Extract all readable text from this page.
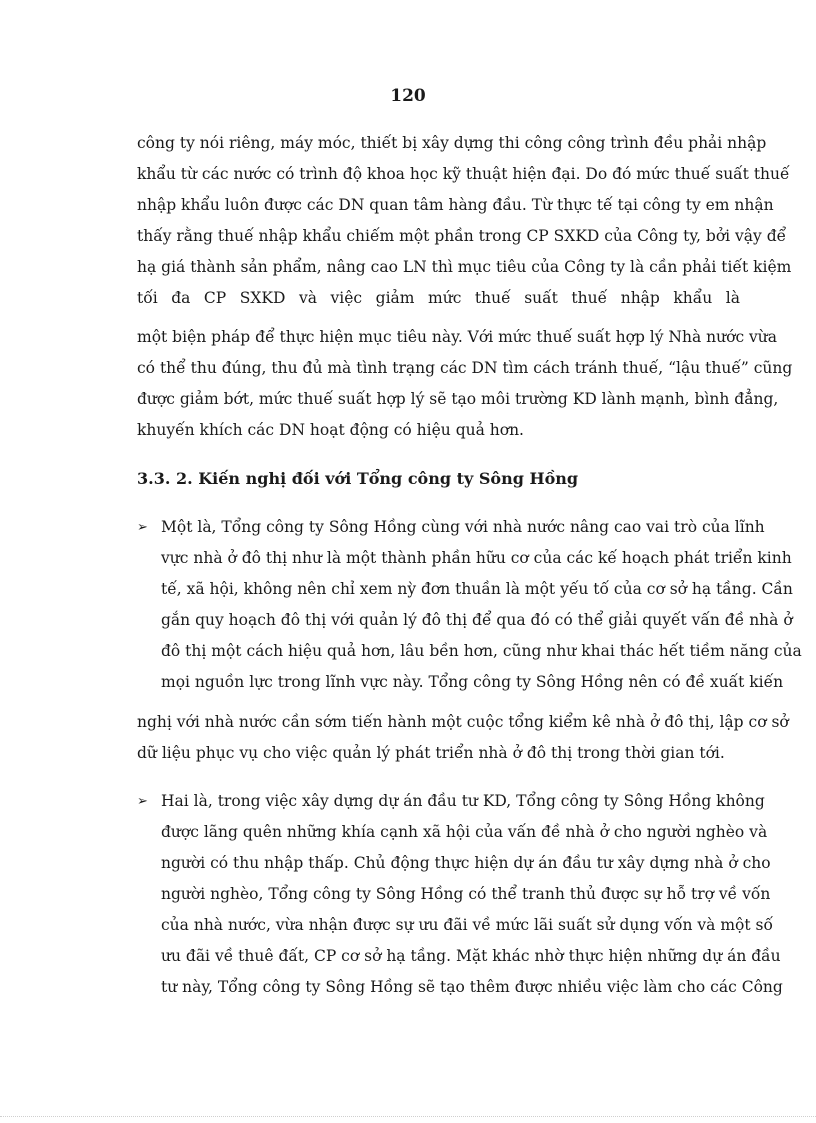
120
công ty nói riêng, máy móc, thiết bị xây dựng thi công công trình đều phải nhập
khẩu từ các nước có trình độ khoa học kỹ thuật hiện đại. Do đó mức thuế suất thuế
nhập khẩu luôn được các DN quan tâm hàng đầu. Từ thực tế tại công ty em nhận
thấy rằng thuế nhập khẩu chiếm một phần trong CP SXKD của Công ty, bởi vậy để
hạ giá thành sản phẩm, nâng cao LN thì mục tiêu của Công ty là cần phải tiết kiệm
tối đa CP SXKD và việc giảm mức thuế suất thuế nhập khẩu là
một biện pháp để thực hiện mục tiêu này. Với mức thuế suất hợp lý Nhà nước vừa
có thể thu đúng, thu đủ mà tình trạng các DN tìm cách tránh thuế, “lậu thuế” cũng
được giảm bớt, mức thuế suất hợp lý sẽ tạo môi trường KD lành mạnh, bình đẳng,
khuyến khích các DN hoạt động có hiệu quả hơn.
3.3. 2. Kiến nghị đối với Tổng công ty Sông Hồng
➢ Một là, Tổng công ty Sông Hồng cùng với nhà nước nâng cao vai trò của lĩnh
vực nhà ở đô thị như là một thành phần hữu cơ của các kế hoạch phát triển kinh
tế, xã hội, không nên chỉ xem nỳ đơn thuần là một yếu tố của cơ sở hạ tầng. Cần
gắn quy hoạch đô thị với quản lý đô thị để qua đó có thể giải quyết vấn đề nhà ở
đô thị một cách hiệu quả hơn, lâu bền hơn, cũng như khai thác hết tiềm năng của
mọi nguồn lực trong lĩnh vực này. Tổng công ty Sông Hồng nên có đề xuất kiến
nghị với nhà nước cần sớm tiến hành một cuộc tổng kiểm kê nhà ở đô thị, lập cơ sở
dữ liệu phục vụ cho việc quản lý phát triển nhà ở đô thị trong thời gian tới.
➢ Hai là, trong việc xây dựng dự án đầu tư KD, Tổng công ty Sông Hồng không
được lãng quên những khía cạnh xã hội của vấn đề nhà ở cho người nghèo và
người có thu nhập thấp. Chủ động thực hiện dự án đầu tư xây dựng nhà ở cho
người nghèo, Tổng công ty Sông Hồng có thể tranh thủ được sự hỗ trợ về vốn
của nhà nước, vừa nhận được sự ưu đãi về mức lãi suất sử dụng vốn và một số
ưu đãi về thuê đất, CP cơ sở hạ tầng. Mặt khác nhờ thực hiện những dự án đầu
tư này, Tổng công ty Sông Hồng sẽ tạo thêm được nhiều việc làm cho các Công
